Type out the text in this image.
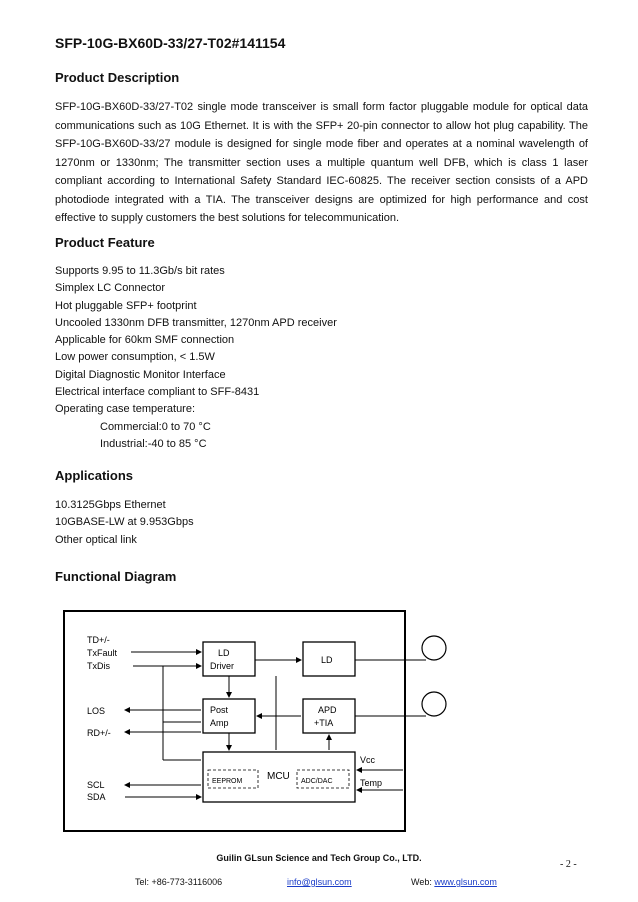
SFP-10G-BX60D-33/27-T02#141154
Product Description
SFP-10G-BX60D-33/27-T02 single mode transceiver is small form factor pluggable module for optical data communications such as 10G Ethernet. It is with the SFP+ 20-pin connector to allow hot plug capability. The SFP-10G-BX60D-33/27 module is designed for single mode fiber and operates at a nominal wavelength of 1270nm or 1330nm; The transmitter section uses a multiple quantum well DFB, which is class 1 laser compliant according to International Safety Standard IEC-60825. The receiver section consists of a APD photodiode integrated with a TIA. The transceiver designs are optimized for high performance and cost effective to supply customers the best solutions for telecommunication.
Product Feature
Supports 9.95 to 11.3Gb/s bit rates
Simplex LC Connector
Hot pluggable SFP+ footprint
Uncooled 1330nm DFB transmitter, 1270nm APD receiver
Applicable for 60km SMF connection
Low power consumption, < 1.5W
Digital Diagnostic Monitor Interface
Electrical interface compliant to SFF-8431
Operating case temperature:
Commercial:0 to 70 °C
Industrial:-40 to 85 °C
Applications
10.3125Gbps Ethernet
10GBASE-LW at 9.953Gbps
Other optical link
Functional Diagram
LD
Driver
LD
Post
Amp
APD
+TIA
MCU
EEPROM	ADC/DAC
TD+/-
TxFault
TxDis
LOS
RD+/-
SCL
SDA
Vcc
Temp
Guilin GLsun Science and Tech Group Co., LTD.
- 2 -
Tel: +86-773-3116006	info@glsun.com	Web: www.glsun.com
